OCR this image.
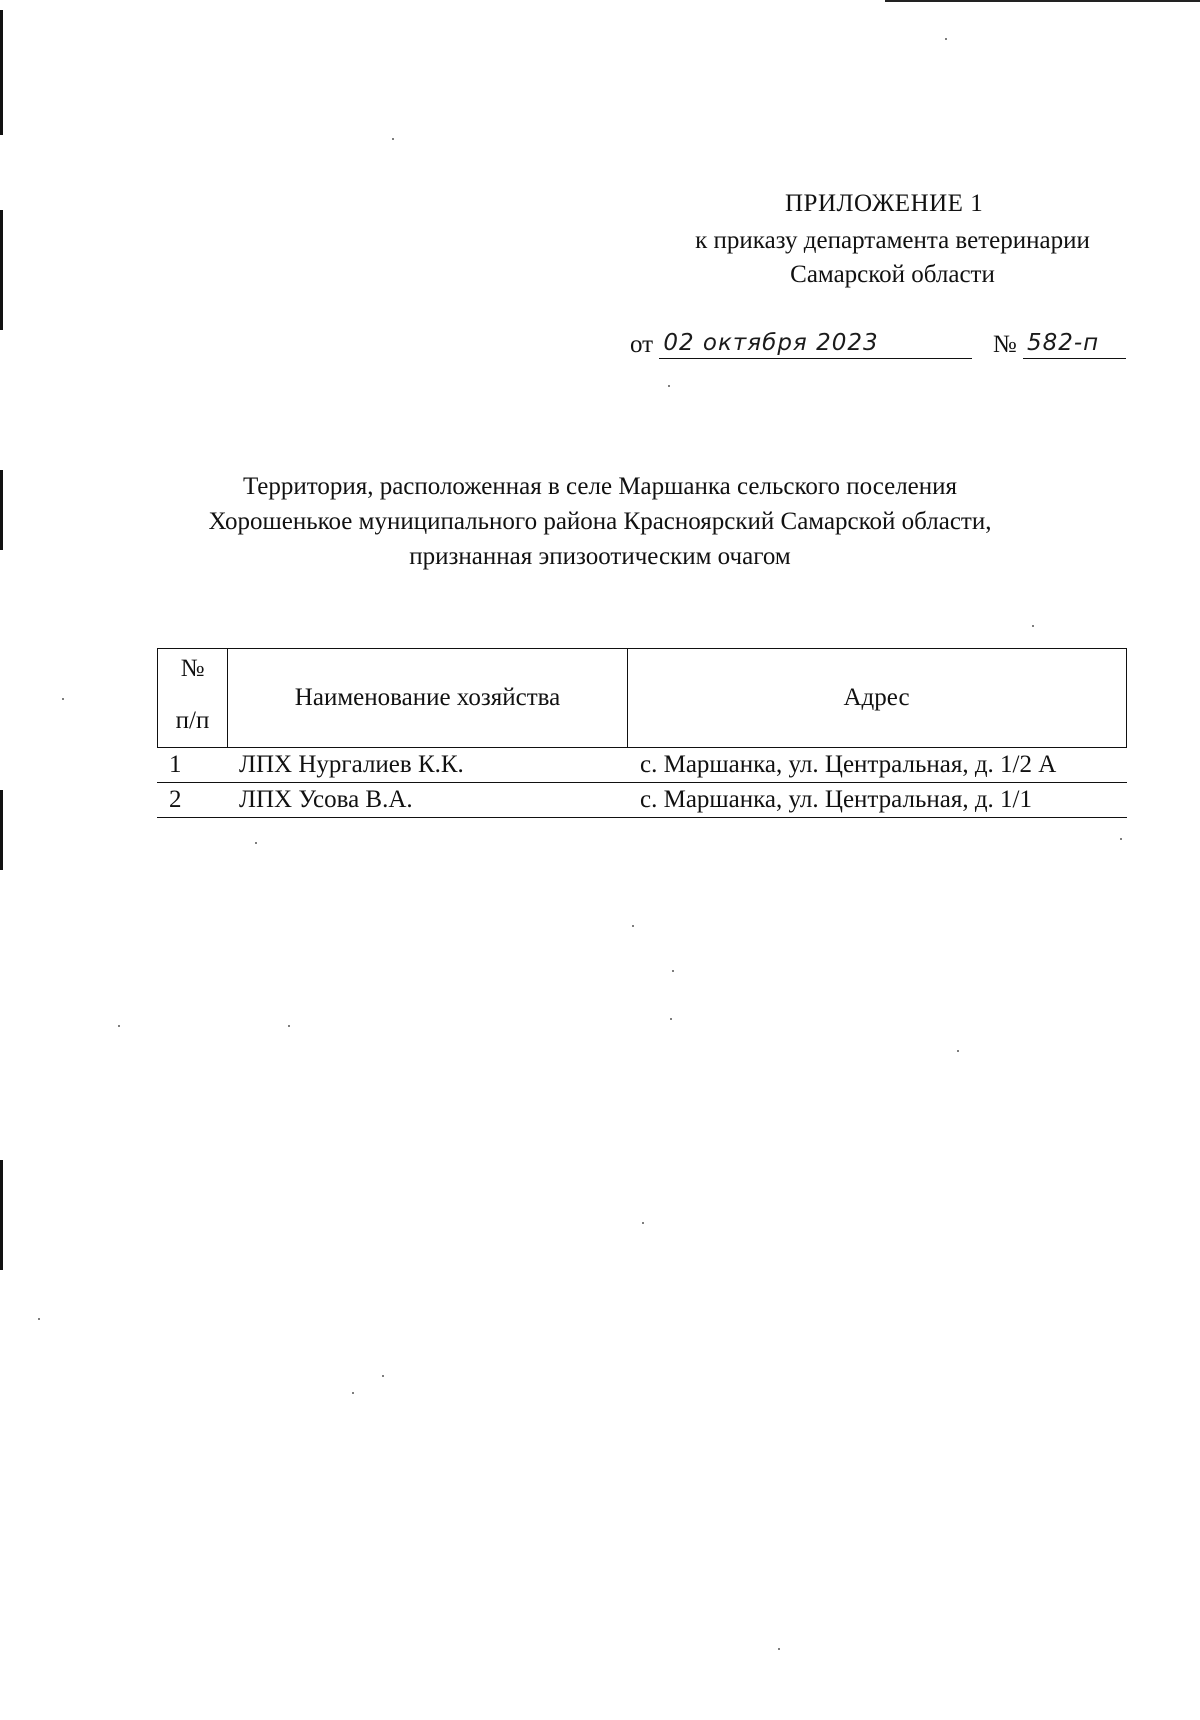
ПРИЛОЖЕНИЕ 1
к приказу департамента ветеринарии
Самарской области
от 02 октября 2023	№ 582-п
Территория, расположенная в селе Маршанка сельского поселения
Хорошенькое муниципального района Красноярский Самарской области,
признанная эпизоотическим очагом
№
п/п
Наименование хозяйства	Адрес
1 ЛПХ Нургалиев К.К.	с. Маршанка, ул. Центральная, д. 1/2 А
2 ЛПХ Усова В.А.	с. Маршанка, ул. Центральная, д. 1/1
